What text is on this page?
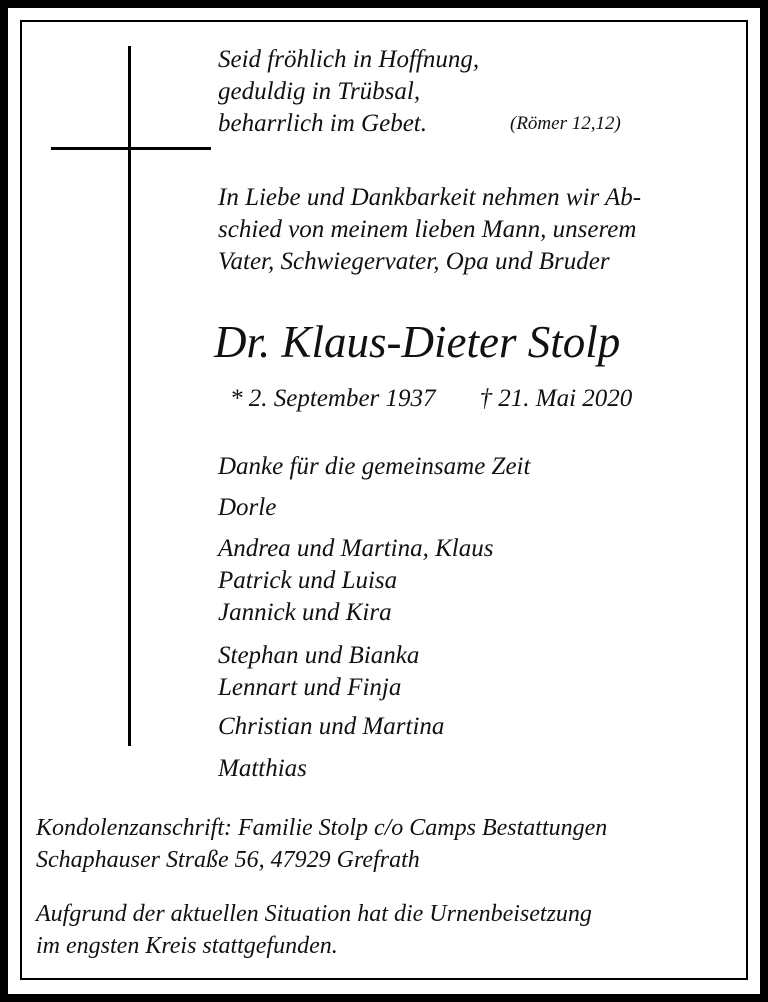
Seid fröhlich in Hoffnung,
geduldig in Trübsal,
beharrlich im Gebet.	(Römer 12,12)
In Liebe und Dankbarkeit nehmen wir Ab-
schied von meinem lieben Mann, unserem
Vater, Schwiegervater, Opa und Bruder
Dr. Klaus-Dieter Stolp
* 2. September 1937 † 21. Mai 2020
Danke für die gemeinsame Zeit
Dorle
Andrea und Martina, Klaus
Patrick und Luisa
Jannick und Kira
Stephan und Bianka
Lennart und Finja
Christian und Martina
Matthias
Kondolenzanschrift: Familie Stolp c/o Camps Bestattungen
Schaphauser Straße 56, 47929 Grefrath
Aufgrund der aktuellen Situation hat die Urnenbeisetzung
im engsten Kreis stattgefunden.
